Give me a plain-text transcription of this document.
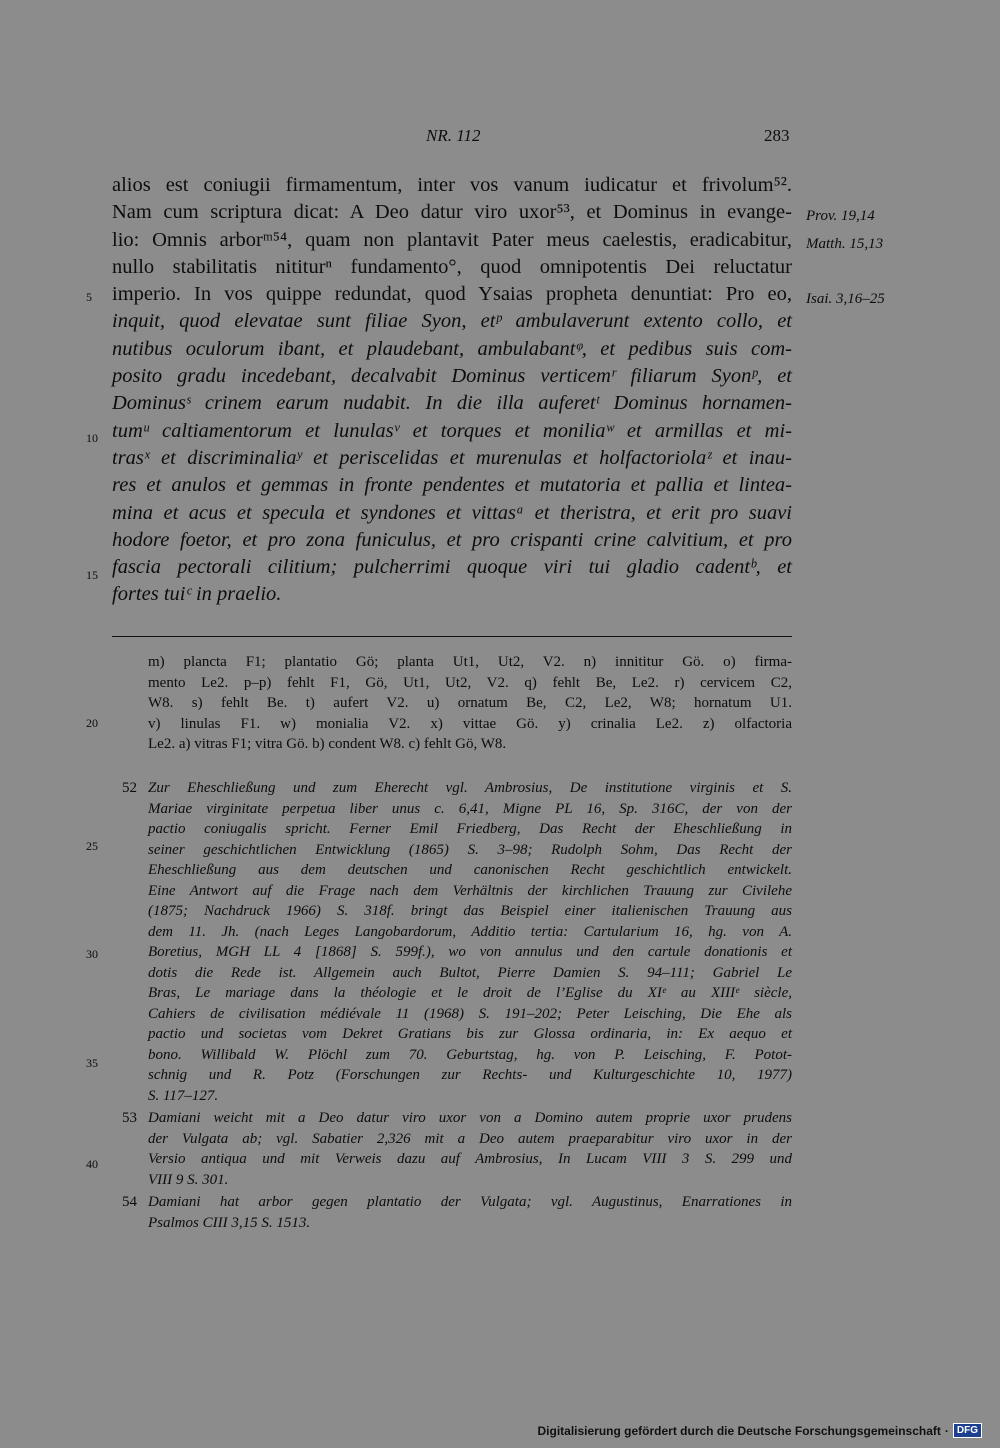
NR. 112	283
alios est coniugii firmamentum, inter vos vanum iudicatur et frivolum⁵².
Nam cum scriptura dicat: A Deo datur viro uxor⁵³, et Dominus in evange-
lio: Omnis arborᵐ⁵⁴, quam non plantavit Pater meus caelestis, eradicabitur,
nullo stabilitatis nititurⁿ fundamento°, quod omnipotentis Dei reluctatur
imperio. In vos quippe redundat, quod Ysaias propheta denuntiat: Pro eo,
inquit, quod elevatae sunt filiae Syon, etᵖ ambulaverunt extento collo, et
nutibus oculorum ibant, et plaudebant, ambulabantᵠ, et pedibus suis com-
posito gradu incedebant, decalvabit Dominus verticemʳ filiarum Syonᵖ, et
Dominusˢ crinem earum nudabit. In die illa auferetᵗ Dominus hornamen-
tumᵘ caltiamentorum et lunulasᵛ et torques et moniliaʷ et armillas et mi-
trasˣ et discriminaliaʸ et periscelidas et murenulas et holfactoriolaᶻ et inau-
res et anulos et gemmas in fronte pendentes et mutatoria et pallia et lintea-
mina et acus et specula et syndones et vittasᵃ et theristra, et erit pro suavi
hodore foetor, et pro zona funiculus, et pro crispanti crine calvitium, et pro
fascia pectorali cilitium; pulcherrimi quoque viri tui gladio cadentᵇ, et
fortes tuiᶜ in praelio.
5
10
15
20
25
30
35
40
Prov. 19,14
Matth. 15,13
Isai. 3,16–25
m) plancta F1; plantatio Gö; planta Ut1, Ut2, V2. n) innititur Gö. o) firma-
mento Le2. p–p) fehlt F1, Gö, Ut1, Ut2, V2. q) fehlt Be, Le2. r) cervicem C2,
W8. s) fehlt Be. t) aufert V2. u) ornatum Be, C2, Le2, W8; hornatum U1.
v) linulas F1. w) monialia V2. x) vittae Gö. y) crinalia Le2. z) olfactoria
Le2. a) vitras F1; vitra Gö. b) condent W8. c) fehlt Gö, W8.
52 Zur Eheschließung und zum Eherecht vgl. Ambrosius, De institutione virginis et S.
Mariae virginitate perpetua liber unus c. 6,41, Migne PL 16, Sp. 316C, der von der
pactio coniugalis spricht. Ferner Emil Friedberg, Das Recht der Eheschließung in
seiner geschichtlichen Entwicklung (1865) S. 3–98; Rudolph Sohm, Das Recht der
Eheschließung aus dem deutschen und canonischen Recht geschichtlich entwickelt.
Eine Antwort auf die Frage nach dem Verhältnis der kirchlichen Trauung zur Civilehe
(1875; Nachdruck 1966) S. 318f. bringt das Beispiel einer italienischen Trauung aus
dem 11. Jh. (nach Leges Langobardorum, Additio tertia: Cartularium 16, hg. von A.
Boretius, MGH LL 4 [1868] S. 599f.), wo von annulus und den cartule donationis et
dotis die Rede ist. Allgemein auch Bultot, Pierre Damien S. 94–111; Gabriel Le
Bras, Le mariage dans la théologie et le droit de l’Eglise du XIᵉ au XIIIᵉ siècle,
Cahiers de civilisation médiévale 11 (1968) S. 191–202; Peter Leisching, Die Ehe als
pactio und societas vom Dekret Gratians bis zur Glossa ordinaria, in: Ex aequo et
bono. Willibald W. Plöchl zum 70. Geburtstag, hg. von P. Leisching, F. Potot-
schnig und R. Potz (Forschungen zur Rechts- und Kulturgeschichte 10, 1977)
S. 117–127.
53 Damiani weicht mit a Deo datur viro uxor von a Domino autem proprie uxor prudens
der Vulgata ab; vgl. Sabatier 2,326 mit a Deo autem praeparabitur viro uxor in der
Versio antiqua und mit Verweis dazu auf Ambrosius, In Lucam VIII 3 S. 299 und
VIII 9 S. 301.
54 Damiani hat arbor gegen plantatio der Vulgata; vgl. Augustinus, Enarrationes in
Psalmos CIII 3,15 S. 1513.
Digitalisierung gefördert durch die Deutsche Forschungsgemeinschaft · DFG
